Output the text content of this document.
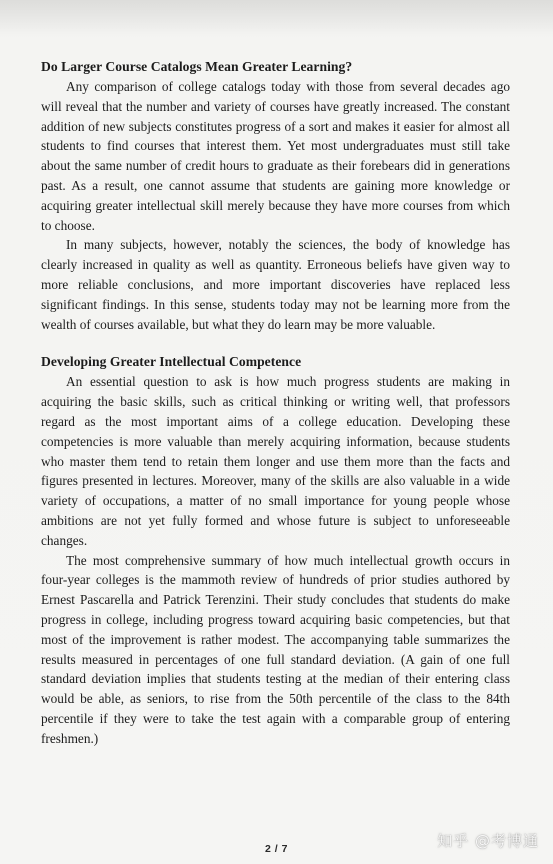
Do Larger Course Catalogs Mean Greater Learning?

Any comparison of college catalogs today with those from several decades ago will reveal that the number and variety of courses have greatly increased. The constant addition of new subjects constitutes progress of a sort and makes it easier for almost all students to find courses that interest them. Yet most undergraduates must still take about the same number of credit hours to graduate as their forebears did in generations past. As a result, one cannot assume that students are gaining more knowledge or acquiring greater intellectual skill merely because they have more courses from which to choose.

In many subjects, however, notably the sciences, the body of knowledge has clearly increased in quality as well as quantity. Erroneous beliefs have given way to more reliable conclusions, and more important discoveries have replaced less significant findings. In this sense, students today may not be learning more from the wealth of courses available, but what they do learn may be more valuable.

Developing Greater Intellectual Competence

An essential question to ask is how much progress students are making in acquiring the basic skills, such as critical thinking or writing well, that professors regard as the most important aims of a college education. Developing these competencies is more valuable than merely acquiring information, because students who master them tend to retain them longer and use them more than the facts and figures presented in lectures. Moreover, many of the skills are also valuable in a wide variety of occupations, a matter of no small importance for young people whose ambitions are not yet fully formed and whose future is subject to unforeseeable changes.

The most comprehensive summary of how much intellectual growth occurs in four-year colleges is the mammoth review of hundreds of prior studies authored by Ernest Pascarella and Patrick Terenzini. Their study concludes that students do make progress in college, including progress toward acquiring basic competencies, but that most of the improvement is rather modest. The accompanying table summarizes the results measured in percentages of one full standard deviation. (A gain of one full standard deviation implies that students testing at the median of their entering class would be able, as seniors, to rise from the 50th percentile of the class to the 84th percentile if they were to take the test again with a comparable group of entering freshmen.)

2 / 7	知乎 @考博通
